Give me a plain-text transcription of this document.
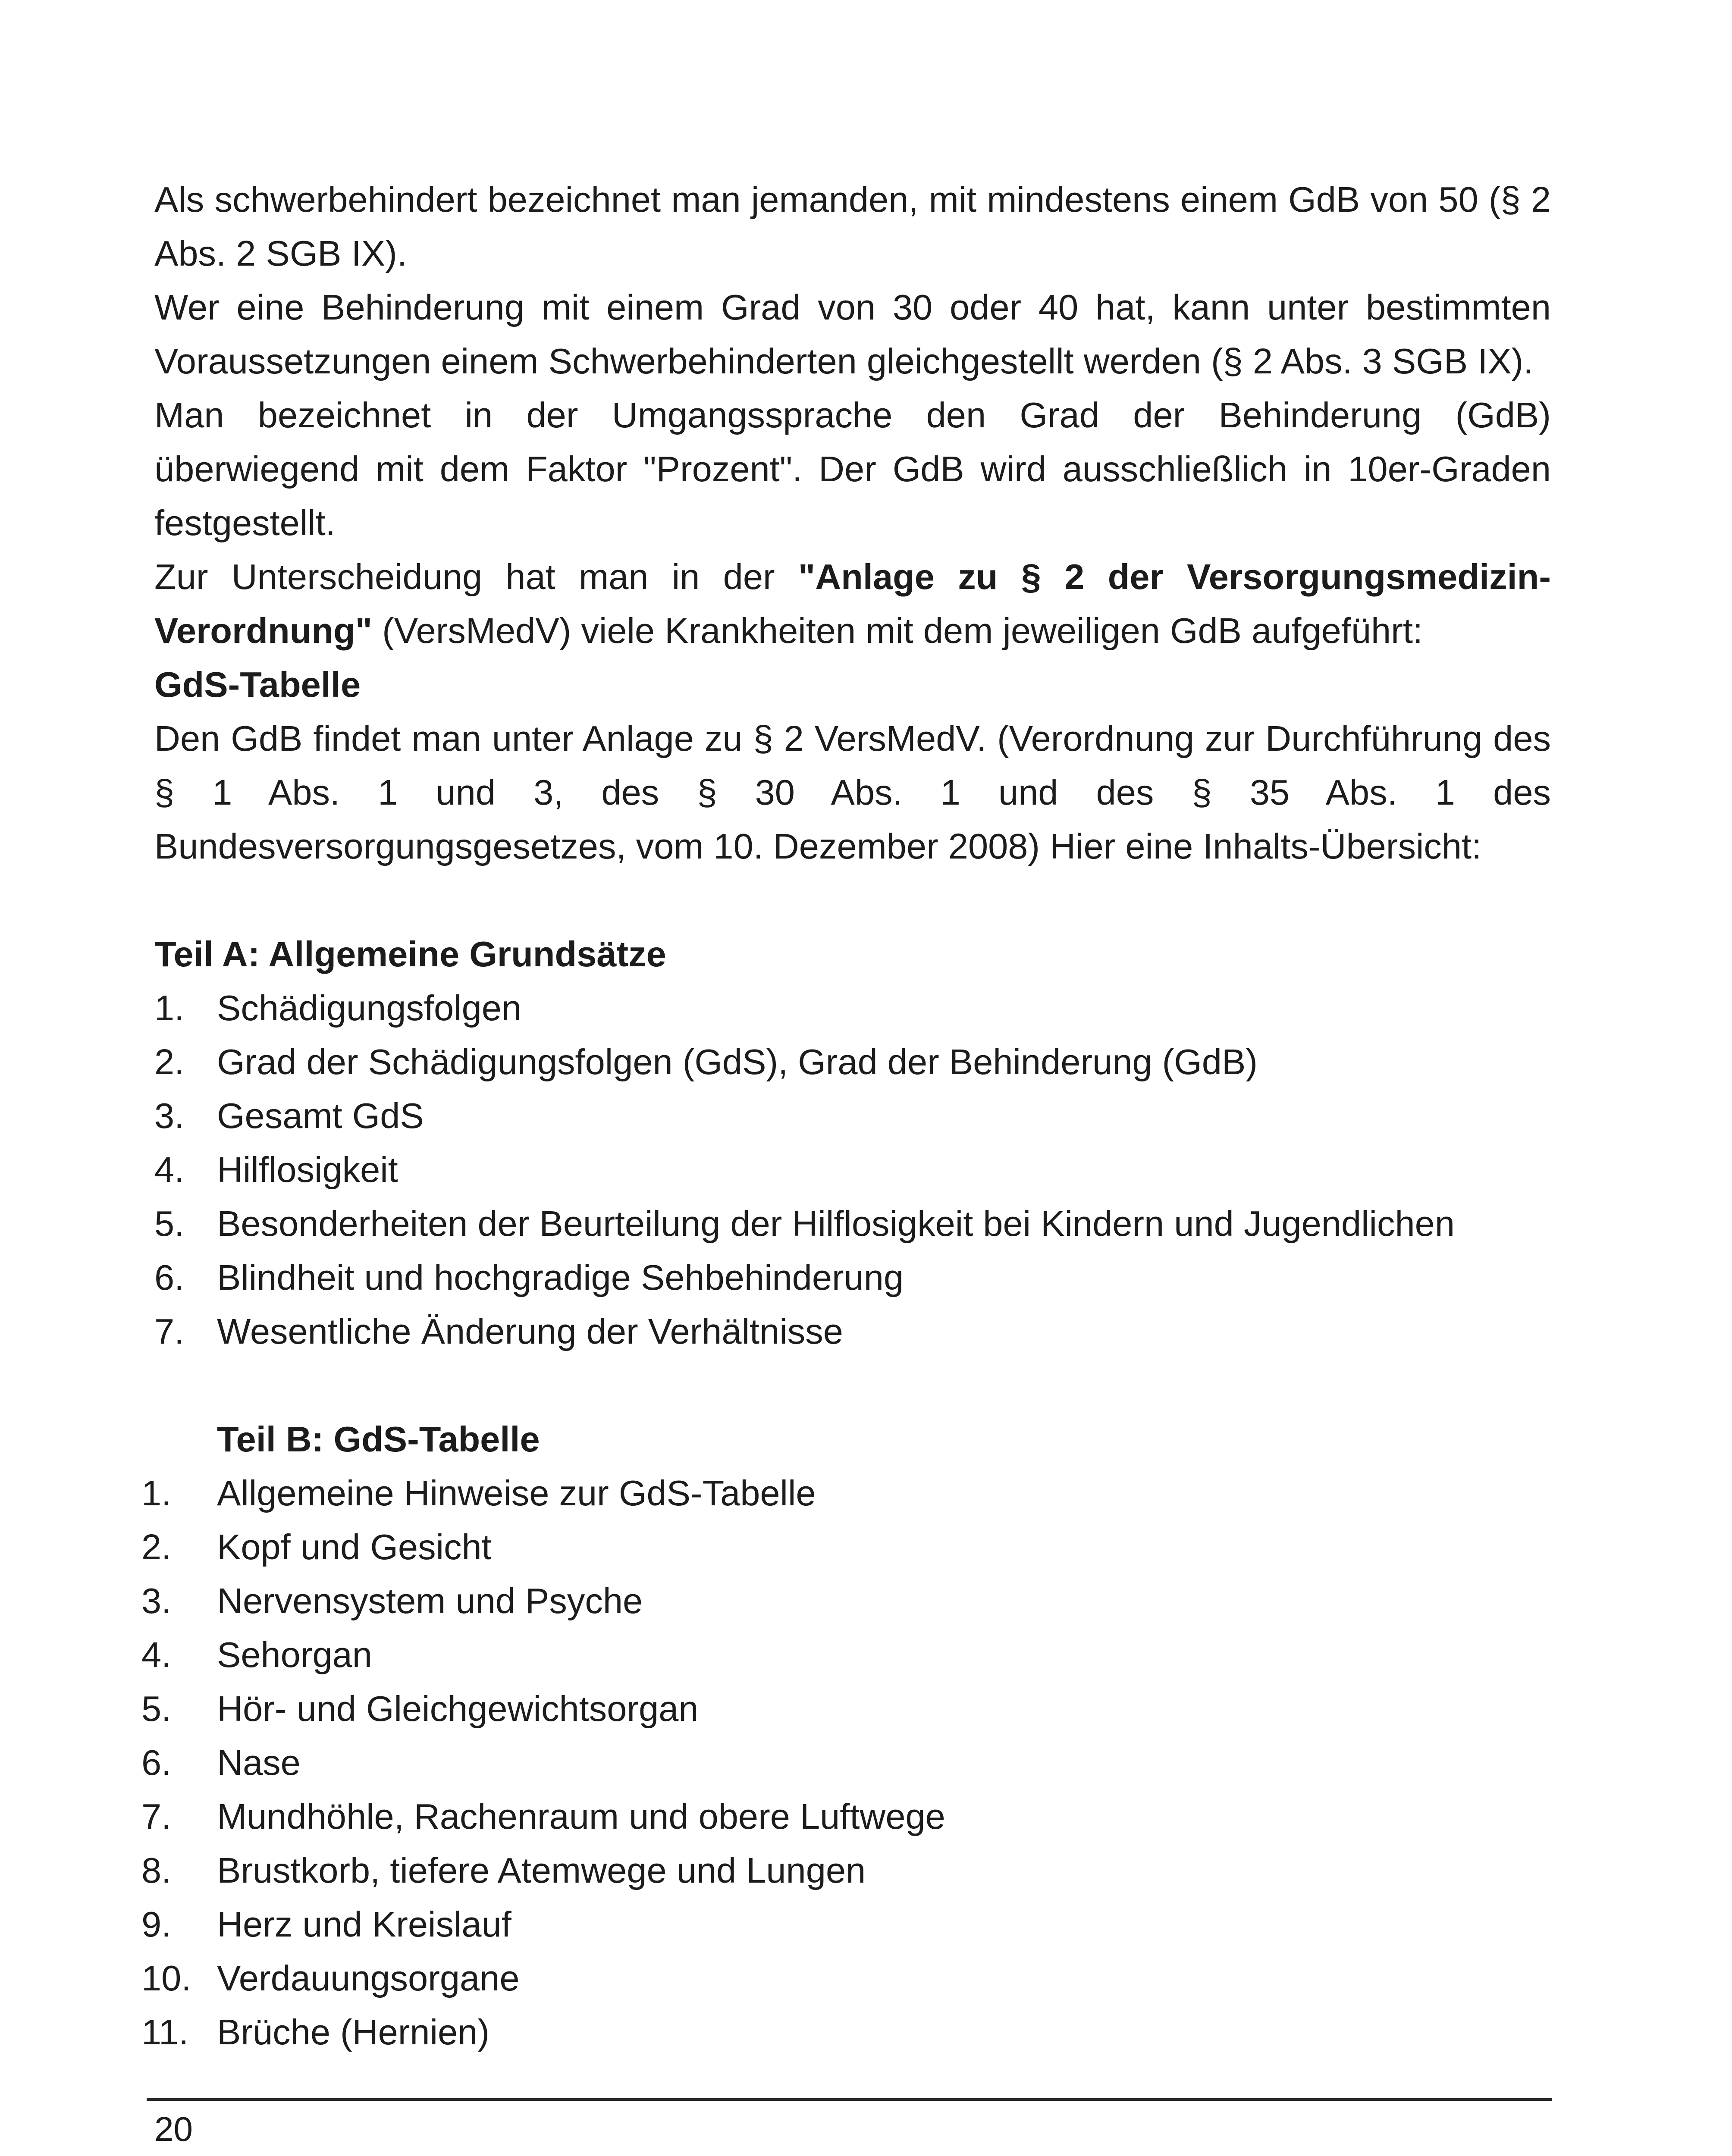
Als schwerbehindert bezeichnet man jemanden, mit mindestens einem GdB von 50 (§ 2 Abs. 2 SGB IX).

Wer eine Behinderung mit einem Grad von 30 oder 40 hat, kann unter bestimmten Voraussetzungen einem Schwerbehinderten gleichgestellt werden (§ 2 Abs. 3 SGB IX).

Man bezeichnet in der Umgangssprache den Grad der Behinderung (GdB) überwiegend mit dem Faktor "Prozent". Der GdB wird ausschließlich in 10er-Graden festgestellt.

Zur Unterscheidung hat man in der "Anlage zu § 2 der Versorgungsmedizin-Verordnung" (VersMedV) viele Krankheiten mit dem jeweiligen GdB aufgeführt:

GdS-Tabelle

Den GdB findet man unter Anlage zu § 2 VersMedV. (Verordnung zur Durchführung des § 1 Abs. 1 und 3, des § 30 Abs. 1 und des § 35 Abs. 1 des Bundesversorgungsgesetzes, vom 10. Dezember 2008) Hier eine Inhalts-Übersicht:

Teil A: Allgemeine Grundsätze

1. Schädigungsfolgen
2. Grad der Schädigungsfolgen (GdS), Grad der Behinderung (GdB)
3. Gesamt GdS
4. Hilflosigkeit
5. Besonderheiten der Beurteilung der Hilflosigkeit bei Kindern und Jugendlichen
6. Blindheit und hochgradige Sehbehinderung
7. Wesentliche Änderung der Verhältnisse

Teil B: GdS-Tabelle

1.	Allgemeine Hinweise zur GdS-Tabelle
2.	Kopf und Gesicht
3.	Nervensystem und Psyche
4.	Sehorgan
5.	Hör- und Gleichgewichtsorgan
6.	Nase
7.	Mundhöhle, Rachenraum und obere Luftwege
8.	Brustkorb, tiefere Atemwege und Lungen
9.	Herz und Kreislauf
10. Verdauungsorgane
11. Brüche (Hernien)
20
